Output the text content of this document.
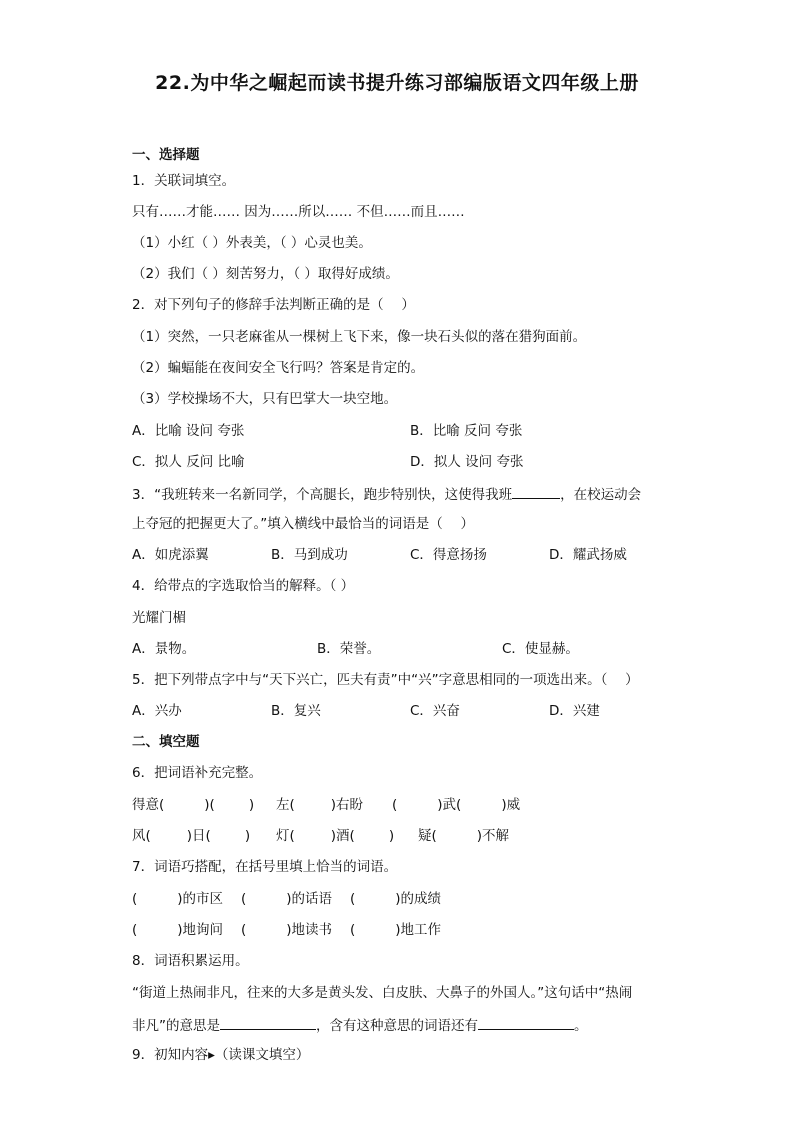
22.为中华之崛起而读书提升练习部编版语文四年级上册
一、选择题
1．关联词填空。
只有……才能…… 因为……所以…… 不但……而且……
（1）小红（ ）外表美，（ ）心灵也美。
（2）我们（ ）刻苦努力，（ ）取得好成绩。
2．对下列句子的修辞手法判断正确的是（　 ）
（1）突然，一只老麻雀从一棵树上飞下来，像一块石头似的落在猎狗面前。
（2）蝙蝠能在夜间安全飞行吗？答案是肯定的。
（3）学校操场不大，只有巴掌大一块空地。
A．比喻 设问 夸张	B．比喻 反问 夸张
C．拟人 反问 比喻	D．拟人 设问 夸张
3．“我班转来一名新同学，个高腿长，跑步特别快，这使得我班	，在校运动会
上夺冠的把握更大了。”填入横线中最恰当的词语是（　 ）
A．如虎添翼	B．马到成功	C．得意扬扬	D．耀武扬威
4．给带点的字选取恰当的解释。（ ）
光耀门楣
A．景物。	B．荣誉。	C．使显赫。
5．把下列带点字中与“天下兴亡，匹夫有责”中“兴”字意思相同的一项选出来。（　 ）
A．兴办	B．复兴	C．兴奋	D．兴建
二、填空题
6．把词语补充完整。
得意(	)(	) 左(	)右盼 (	)武(	)威
风(	)日(	) 灯(	)酒(	) 疑(	)不解
7．词语巧搭配，在括号里填上恰当的词语。
(	)的市区 (	)的话语 (	)的成绩
(	)地询问 (	)地读书 (	)地工作
8．词语积累运用。
“街道上热闹非凡，往来的大多是黄头发、白皮肤、大鼻子的外国人。”这句话中“热闹
非凡”的意思是	，含有这种意思的词语还有	。
9．初知内容▸（读课文填空）
